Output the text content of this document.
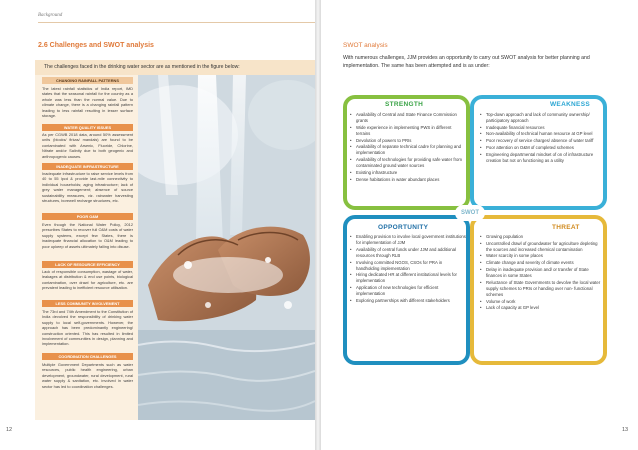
Background
2.6 Challenges and SWOT analysis
The challenges faced in the drinking water sector are as mentioned in the figure below:
CHANGING RAINFALL PATTERNS
The latest rainfall statistics of India report, IMD states that the seasonal rainfall for the country as a whole was less than the normal value. Due to climate change, there is a changing rainfall pattern leading to less rainfall resulting in lesser surface storage.
WATER QUALITY ISSUES
As per CGWB 2018 data, around 50% assessment units (blocks/ firkas/ mandals) are found to be contaminated with Arsenic, Fluoride, Chlorine, Nitrate and/or Salinity due to both geogenic and anthropogenic causes.
INADEQUATE INFRASTRUCTURE
Inadequate infrastructure to raise service levels from 40 to 55 lpcd & provide last-mile connectivity to individual households; aging infrastructure; lack of grey water management; absence of source sustainability measures, viz. rainwater harvesting structures, borewell recharge structures, etc.
POOR O&M
Even though the National Water Policy, 2012 prescribes States to recover full O&M costs of water supply systems, except few States, there is inadequate financial allocation to O&M leading to poor upkeep of assets ultimately falling into disuse.
LACK OF RESOURCE EFFICIENCY
Lack of responsible consumption, wastage of water, leakages at distribution & end use points, biological contamination, over drawl for agriculture, etc. are prevalent leading to inefficient resource utilisation.
LESS COMMUNITY INVOLVEMENT
The 73rd and 74th Amendment to the Constitution of India devolved the responsibility of drinking water supply to local self-governments. However, the approach has been predominantly engineering/ construction oriented. This has resulted in limited involvement of communities in design, planning and implementation.
COORDINATION CHALLENGES
Multiple Government Departments such as water resources, public health engineering, urban development, groundwater, rural development, rural water supply & sanitation, etc. involved in water sector has led to coordination challenges.
12	13
SWOT analysis
With numerous challenges, JJM provides an opportunity to carry out SWOT analysis for better planning and implementation. The same has been attempted and is as under:
STRENGTH
• Availability of Central and State Finance Commission grants
• Wide experience in implementing PWS in different terrains
• Devolution of powers to PRIs
• Availability of separate technical cadre for planning and implementation
• Availability of technologies for providing safe water from contaminated ground water sources
• Existing infrastructure
• Dense habitations in water abundant places
WEAKNESS
• Top-down approach and lack of community ownership/ participatory approach
• Inadequate financial resources
• Non-availability of technical human resource at GP level
• Poor recovery of service charges/ absence of water tariff
• Poor attention on O&M of completed schemes
• Engineering departmental mindset of on of infrastructure creation but not on functioning as a utility
OPPORTUNITY
• Enabling provision to involve local government institutions for implementation of JJM
• Availability of central funds under JJM and additional resources through RLB
• Involving committed NGOS, CSOs for PRA in handholding implementation
• Hiring dedicated HR at different institutional levels for implementation
• Application of new technologies for efficient implementation
• Exploring partnerships with different stakeholders
THREAT
• Growing population
• Uncontrolled drawl of groundwater for agriculture depleting the sources and increased chemical contamination
• Water scarcity in some places
• Climate change and severity of climate events
• Delay in inadequate provision and/ or transfer of State finances in some States
• Reluctance of State Governments to devolve the local water supply schemes to PRIs or handing over non- functional schemes
• Volume of work
• Lack of capacity at GP level
SWOT
